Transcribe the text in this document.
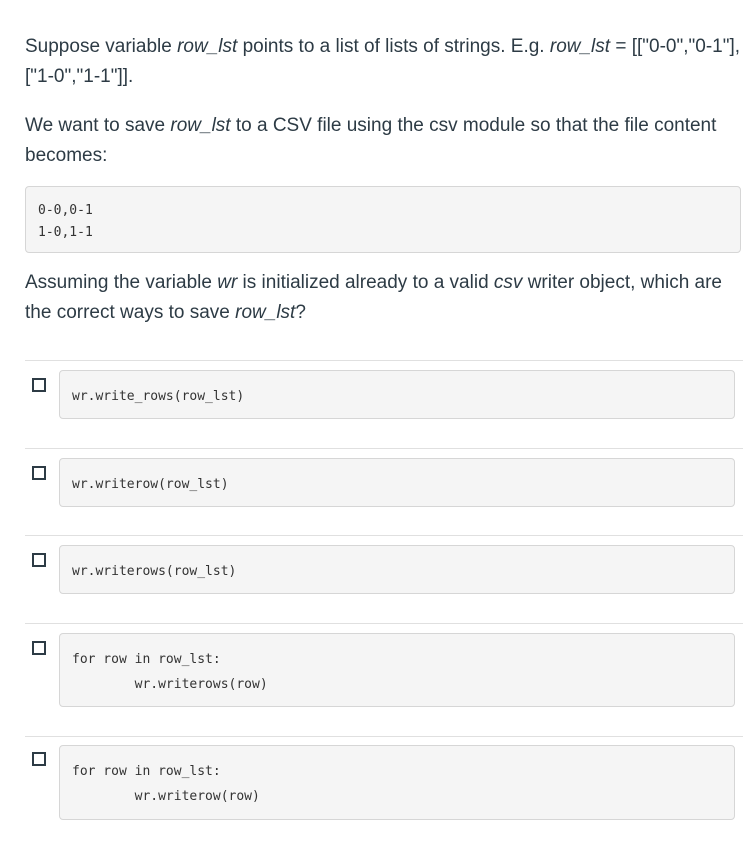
Suppose variable row_lst points to a list of lists of strings. E.g. row_lst = [["0-0","0-1"],["1-0","1-1"]].

We want to save row_lst to a CSV file using the csv module so that the file content becomes:

0-0,0-1
1-0,1-1
Assuming the variable wr is initialized already to a valid csv writer object, which are the correct ways to save row_lst?
wr.write_rows(row_lst)
wr.writerow(row_lst)
wr.writerows(row_lst)
for row in row_lst:
wr.writerows(row)
for row in row_lst:
wr.writerow(row)
